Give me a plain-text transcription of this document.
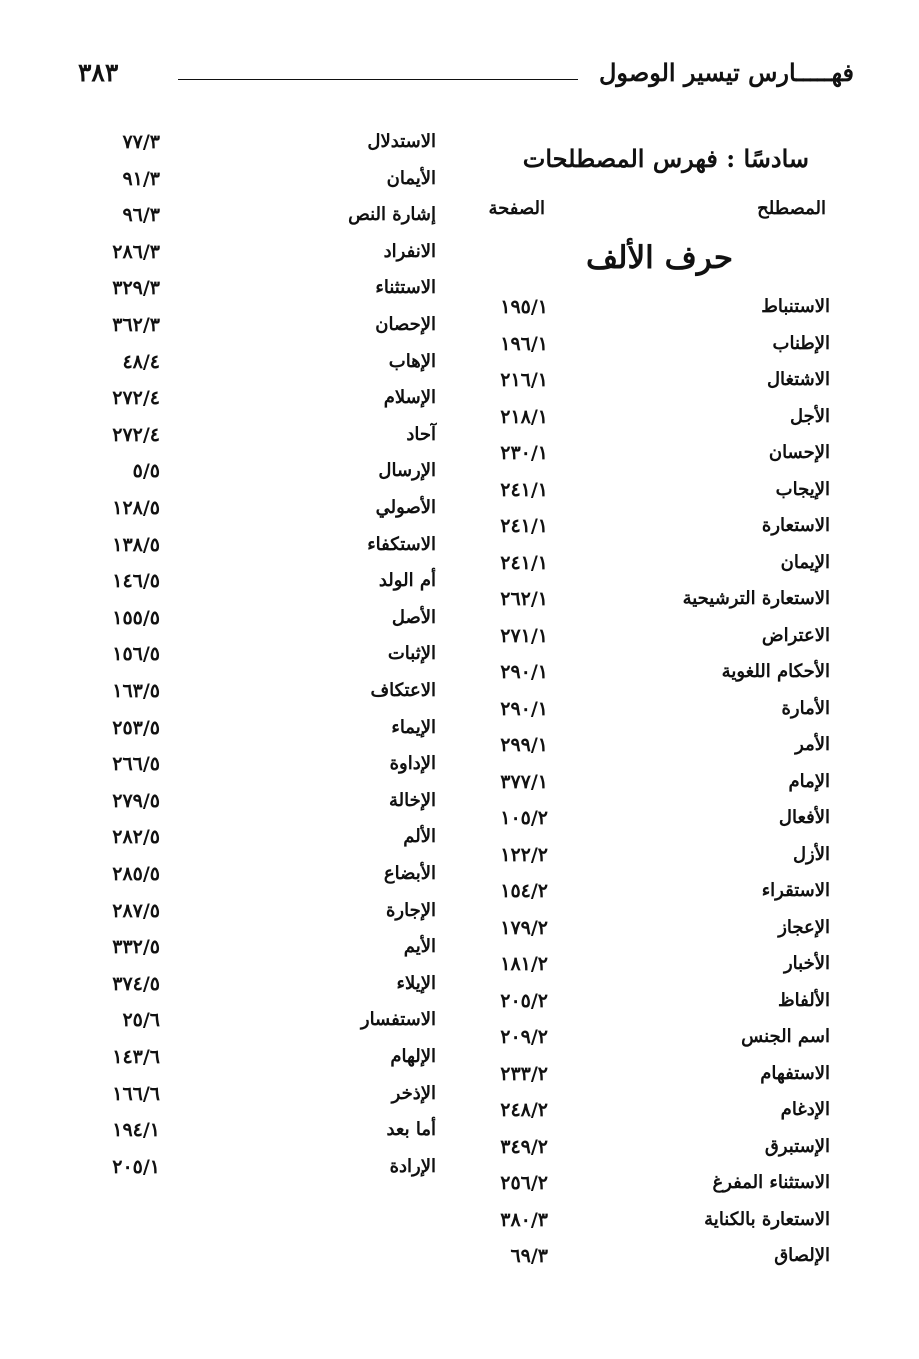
فهـــــارس تيسير الوصول
٣٨٣
سادسًا : فهرس المصطلحات
المصطلح
الصفحة
حرف الألف
الاستنباط
١٩٥/١
الإطناب
١٩٦/١
الاشتغال
٢١٦/١
الأجل
٢١٨/١
الإحسان
٢٣٠/١
الإيجاب
٢٤١/١
الاستعارة
٢٤١/١
الإيمان
٢٤١/١
الاستعارة الترشيحية
٢٦٢/١
الاعتراض
٢٧١/١
الأحكام اللغوية
٢٩٠/١
الأمارة
٢٩٠/١
الأمر
٢٩٩/١
الإمام
٣٧٧/١
الأفعال
١٠٥/٢
الأزل
١٢٢/٢
الاستقراء
١٥٤/٢
الإعجاز
١٧٩/٢
الأخبار
١٨١/٢
الألفاظ
٢٠٥/٢
اسم الجنس
٢٠٩/٢
الاستفهام
٢٣٣/٢
الإدغام
٢٤٨/٢
الإستبرق
٣٤٩/٢
الاستثناء المفرغ
٢٥٦/٢
الاستعارة بالكناية
٣٨٠/٣
الإلصاق
٦٩/٣
الاستدلال
٧٧/٣
الأيمان
٩١/٣
إشارة النص
٩٦/٣
الانفراد
٢٨٦/٣
الاستثناء
٣٢٩/٣
الإحصان
٣٦٢/٣
الإهاب
٤٨/٤
الإسلام
٢٧٢/٤
آحاد
٢٧٢/٤
الإرسال
٥/٥
الأصولي
١٢٨/٥
الاستكفاء
١٣٨/٥
أم الولد
١٤٦/٥
الأصل
١٥٥/٥
الإثبات
١٥٦/٥
الاعتكاف
١٦٣/٥
الإيماء
٢٥٣/٥
الإداوة
٢٦٦/٥
الإخالة
٢٧٩/٥
الألم
٢٨٢/٥
الأبضاع
٢٨٥/٥
الإجارة
٢٨٧/٥
الأيم
٣٣٢/٥
الإيلاء
٣٧٤/٥
الاستفسار
٢٥/٦
الإلهام
١٤٣/٦
الإذخر
١٦٦/٦
أما بعد
١٩٤/١
الإرادة
٢٠٥/١
